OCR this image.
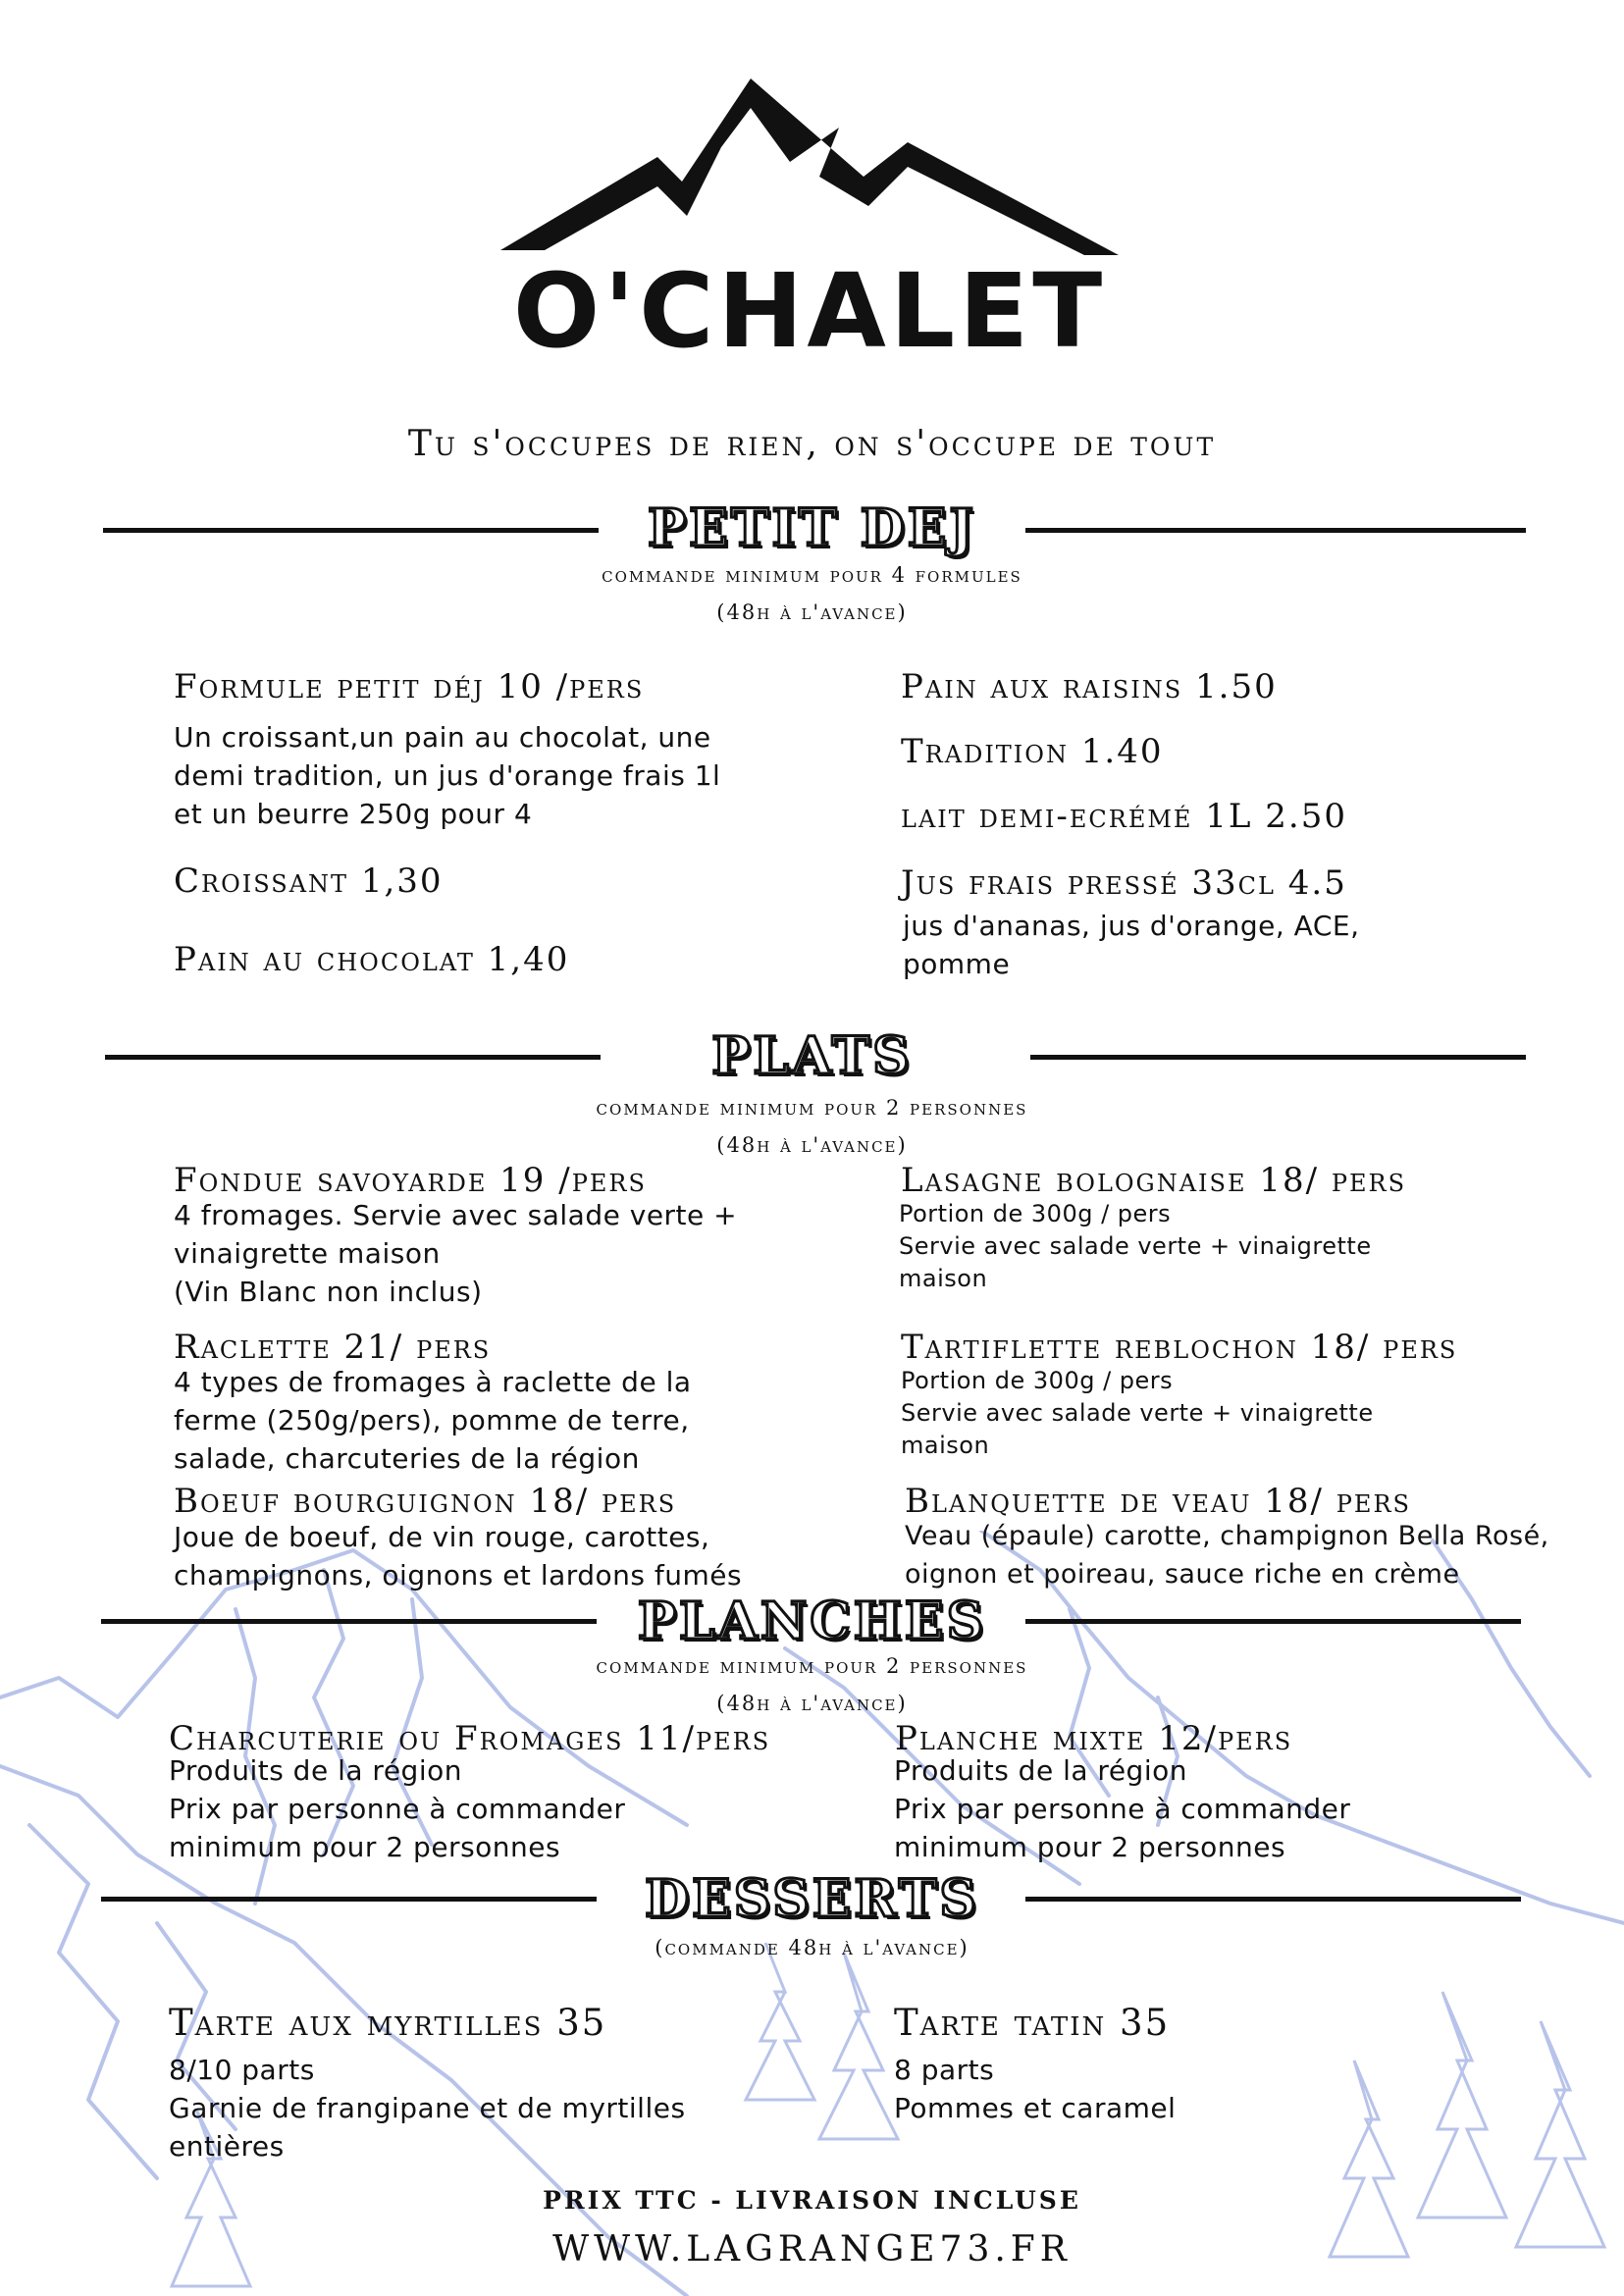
O'CHALET
Tu s'occupes de rien, on s'occupe de tout
PETIT DEJ
commande minimum pour 4 formules
(48h à l'avance)
Formule petit déj 10 /pers
Un croissant,un pain au chocolat, une
demi tradition, un jus d'orange frais 1l
et un beurre 250g pour 4
Croissant 1,30
Pain au chocolat 1,40
Pain aux raisins 1.50
Tradition 1.40
lait demi-ecrémé 1L 2.50
Jus frais pressé 33cl 4.5
jus d'ananas, jus d'orange, ACE,
pomme
PLATS
commande minimum pour 2 personnes
(48h à l'avance)
Fondue savoyarde 19 /pers
4 fromages. Servie avec salade verte +
vinaigrette maison
(Vin Blanc non inclus)
Raclette 21/ pers
4 types de fromages à raclette de la
ferme (250g/pers), pomme de terre,
salade, charcuteries de la région
Boeuf bourguignon 18/ pers
Joue de boeuf, de vin rouge, carottes,
champignons, oignons et lardons fumés
Lasagne bolognaise 18/ pers
Portion de 300g / pers
Servie avec salade verte + vinaigrette
maison
Tartiflette reblochon 18/ pers
Portion de 300g / pers
Servie avec salade verte + vinaigrette
maison
Blanquette de veau 18/ pers
Veau (épaule) carotte, champignon Bella Rosé,
oignon et poireau, sauce riche en crème
PLANCHES
commande minimum pour 2 personnes
(48h à l'avance)
Charcuterie ou Fromages 11/pers
Produits de la région
Prix par personne à commander
minimum pour 2 personnes
Planche mixte 12/pers
Produits de la région
Prix par personne à commander
minimum pour 2 personnes
DESSERTS
(commande 48h à l'avance)
Tarte aux myrtilles 35
8/10 parts
Garnie de frangipane et de myrtilles
entières
Tarte tatin 35
8 parts
Pommes et caramel
PRIX TTC - LIVRAISON INCLUSE
WWW.LAGRANGE73.FR
